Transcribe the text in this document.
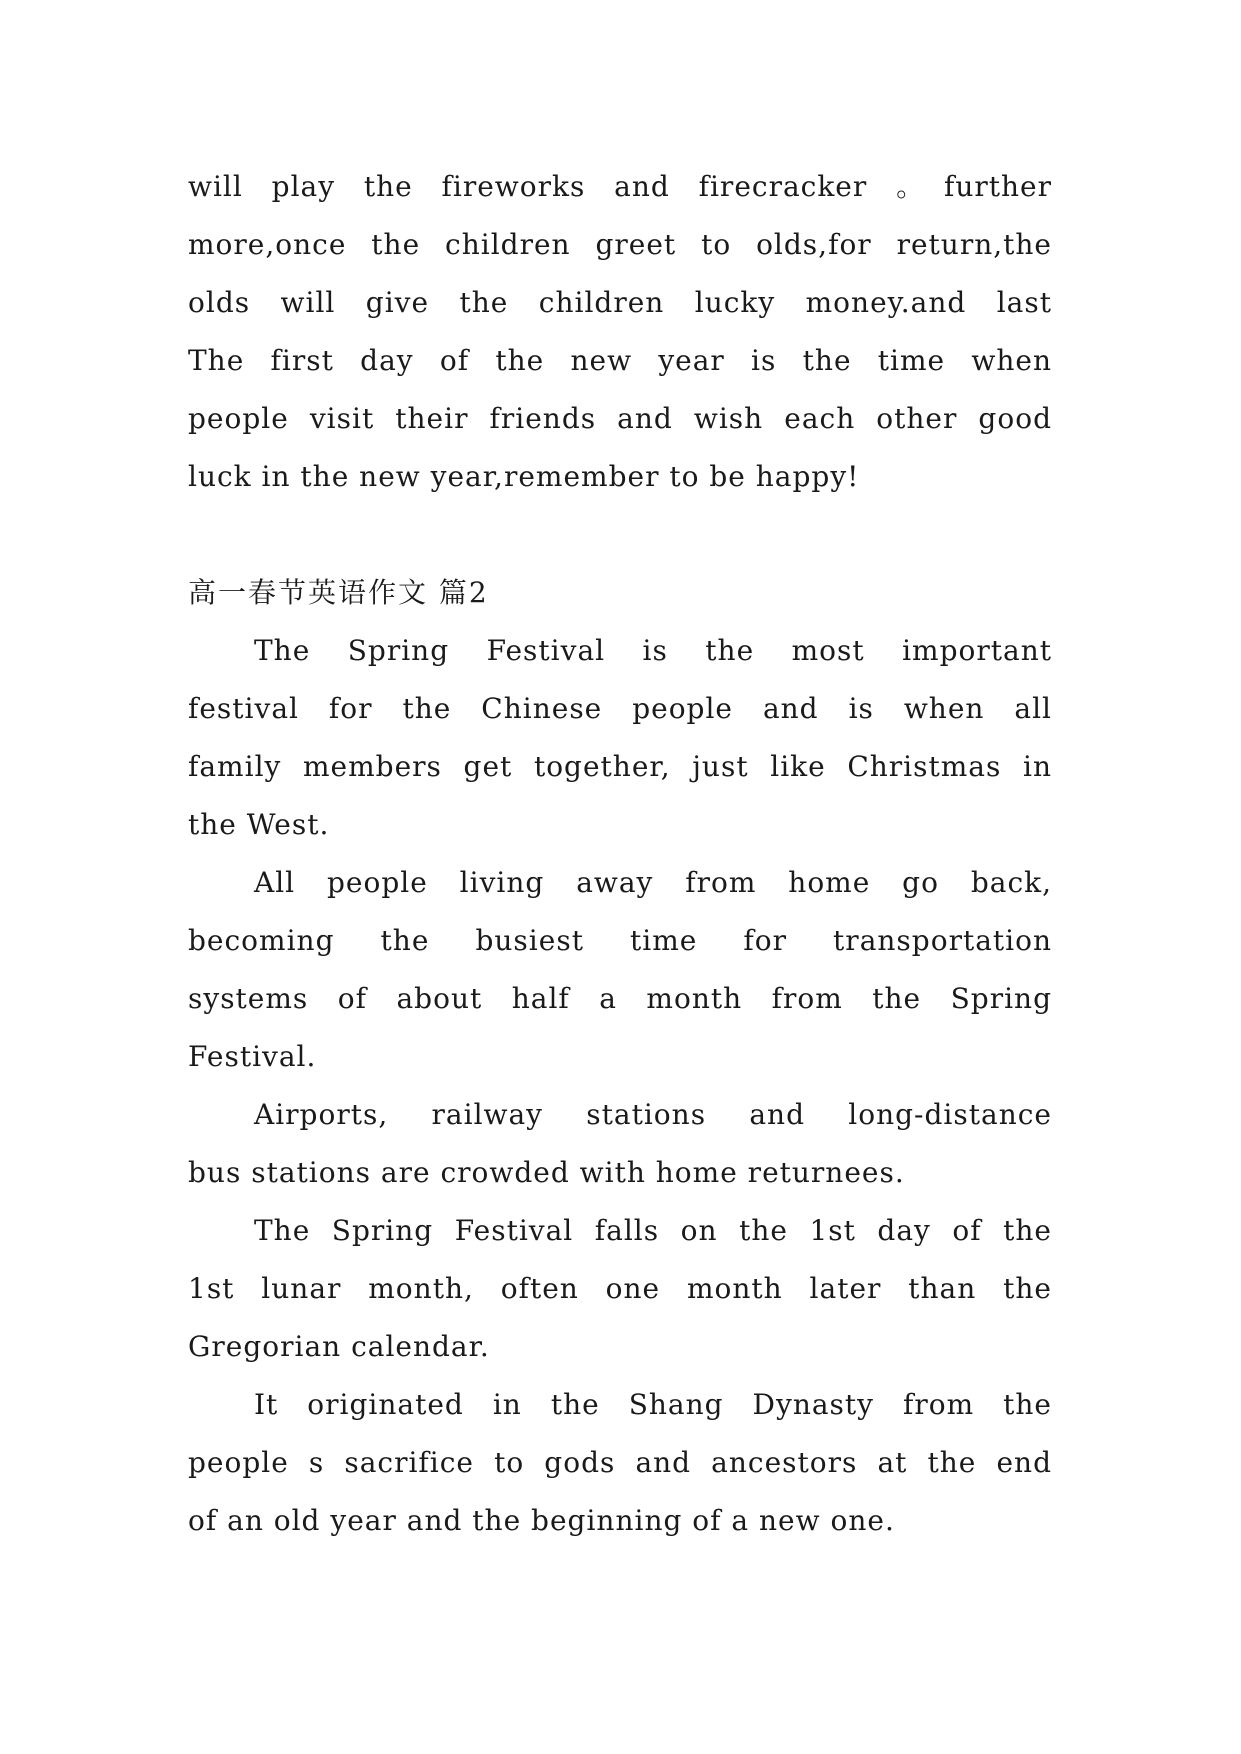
will play the fireworks and firecracker 。further
more,once the children greet to olds,for return,the
olds will give the children lucky money.and last
The first day of the new year is the time when
people visit their friends and wish each other good
luck in the new year,remember to be happy!
高一春节英语作文 篇2
The Spring Festival is the most important
festival for the Chinese people and is when all
family members get together, just like Christmas in
the West.
All people living away from home go back,
becoming the busiest time for transportation
systems of about half a month from the Spring
Festival.
Airports, railway stations and long-distance
bus stations are crowded with home returnees.
The Spring Festival falls on the 1st day of the
1st lunar month, often one month later than the
Gregorian calendar.
It originated in the Shang Dynasty from the
people s sacrifice to gods and ancestors at the end
of an old year and the beginning of a new one.
